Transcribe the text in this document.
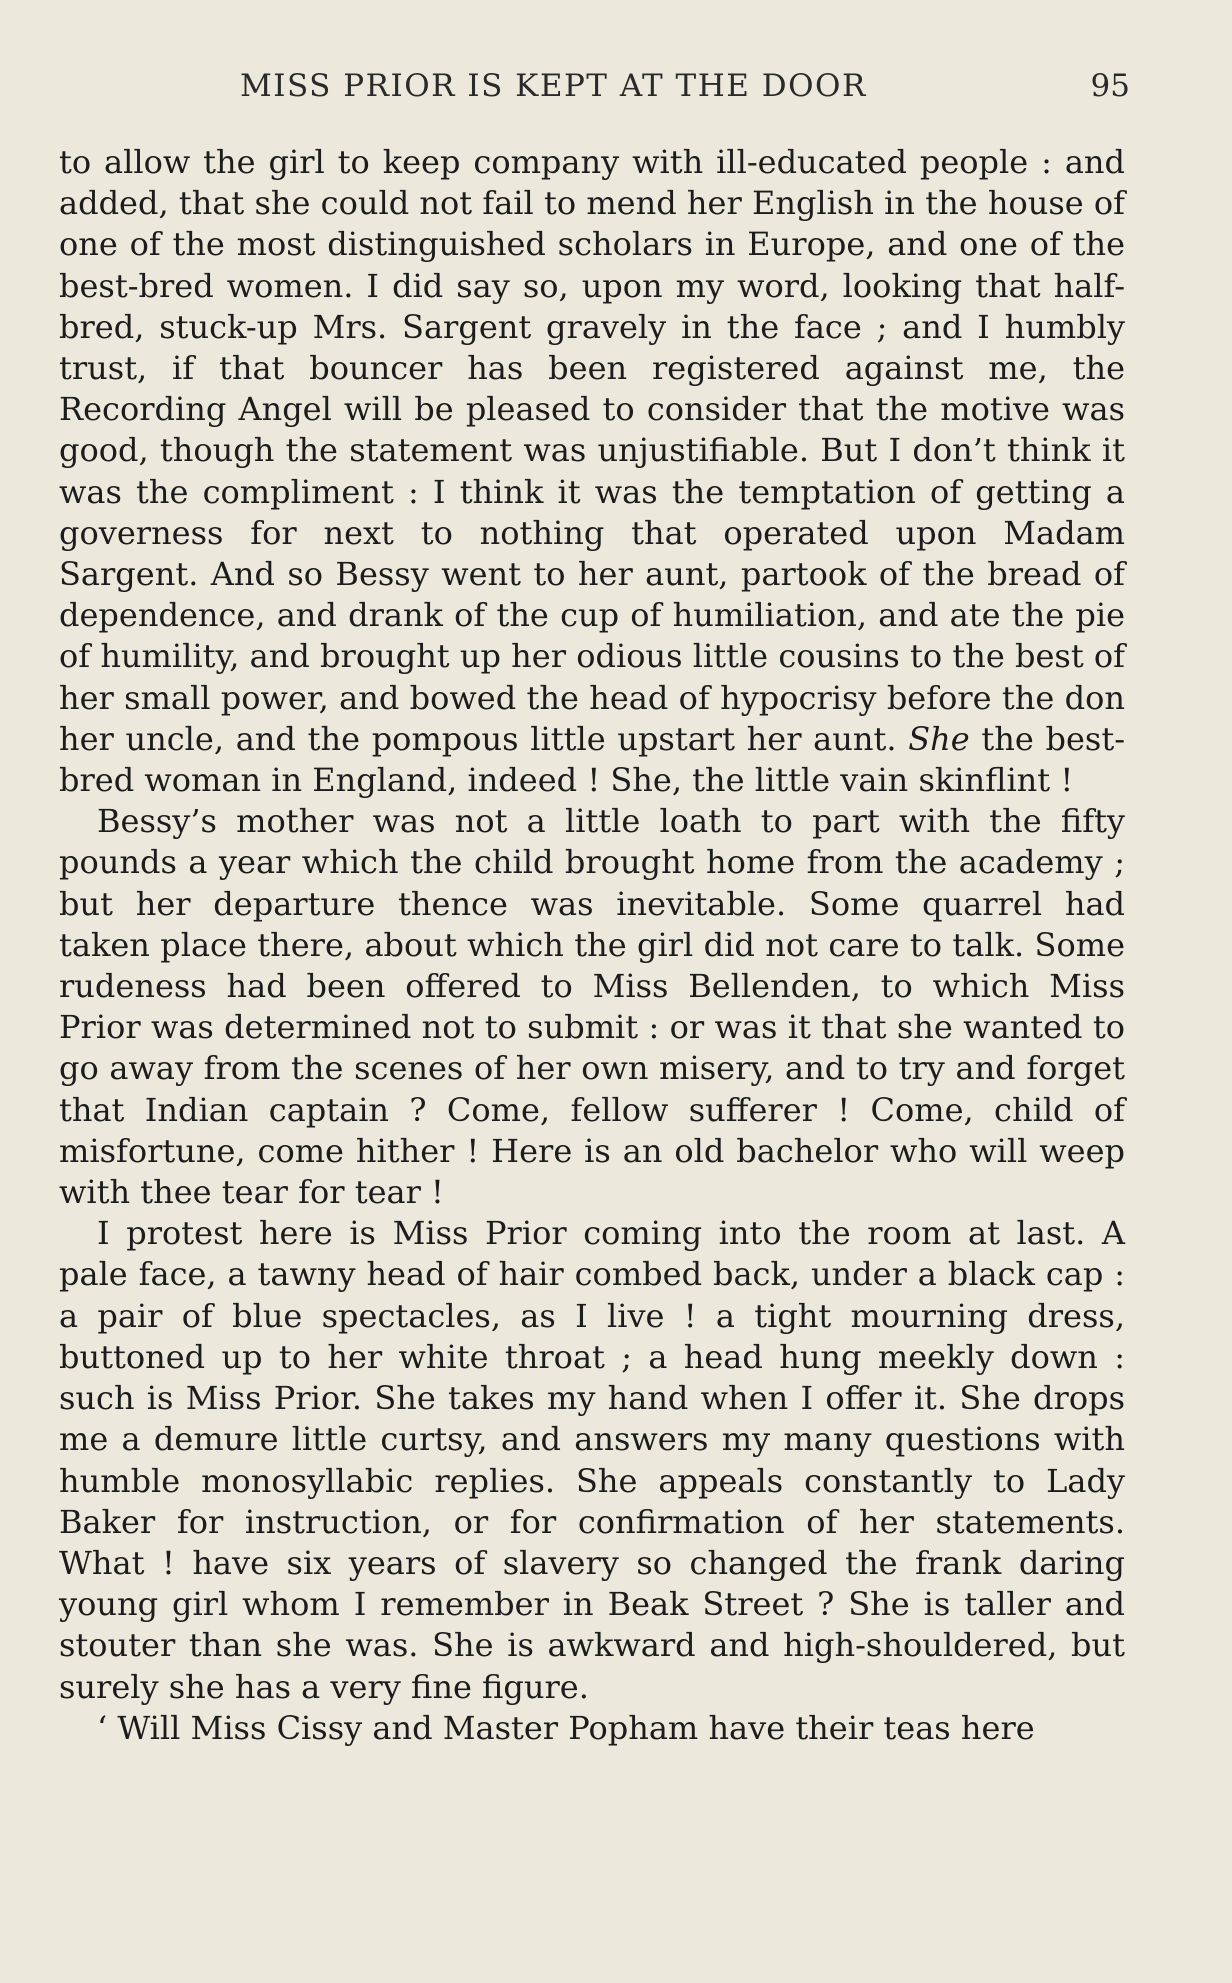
MISS PRIOR IS KEPT AT THE DOOR	95

to allow the girl to keep company with ill-educated people : and added, that she could not fail to mend her English in the house of one of the most distinguished scholars in Europe, and one of the best-bred women. I did say so, upon my word, looking that half-bred, stuck-up Mrs. Sargent gravely in the face ; and I humbly trust, if that bouncer has been registered against me, the Recording Angel will be pleased to consider that the motive was good, though the statement was unjustifiable. But I don’t think it was the compliment : I think it was the temptation of getting a governess for next to nothing that operated upon Madam Sargent. And so Bessy went to her aunt, partook of the bread of dependence, and drank of the cup of humiliation, and ate the pie of humility, and brought up her odious little cousins to the best of her small power, and bowed the head of hypocrisy before the don her uncle, and the pompous little upstart her aunt. She the best-bred woman in England, indeed ! She, the little vain skinflint !

Bessy’s mother was not a little loath to part with the fifty pounds a year which the child brought home from the academy ; but her departure thence was inevitable. Some quarrel had taken place there, about which the girl did not care to talk. Some rudeness had been offered to Miss Bellenden, to which Miss Prior was determined not to submit : or was it that she wanted to go away from the scenes of her own misery, and to try and forget that Indian captain ? Come, fellow sufferer ! Come, child of misfortune, come hither ! Here is an old bachelor who will weep with thee tear for tear !

I protest here is Miss Prior coming into the room at last. A pale face, a tawny head of hair combed back, under a black cap : a pair of blue spectacles, as I live ! a tight mourning dress, buttoned up to her white throat ; a head hung meekly down : such is Miss Prior. She takes my hand when I offer it. She drops me a demure little curtsy, and answers my many questions with humble monosyllabic replies. She appeals constantly to Lady Baker for instruction, or for confirmation of her statements. What ! have six years of slavery so changed the frank daring young girl whom I remember in Beak Street ? She is taller and stouter than she was. She is awkward and high-shouldered, but surely she has a very fine figure.

‘ Will Miss Cissy and Master Popham have their teas here
